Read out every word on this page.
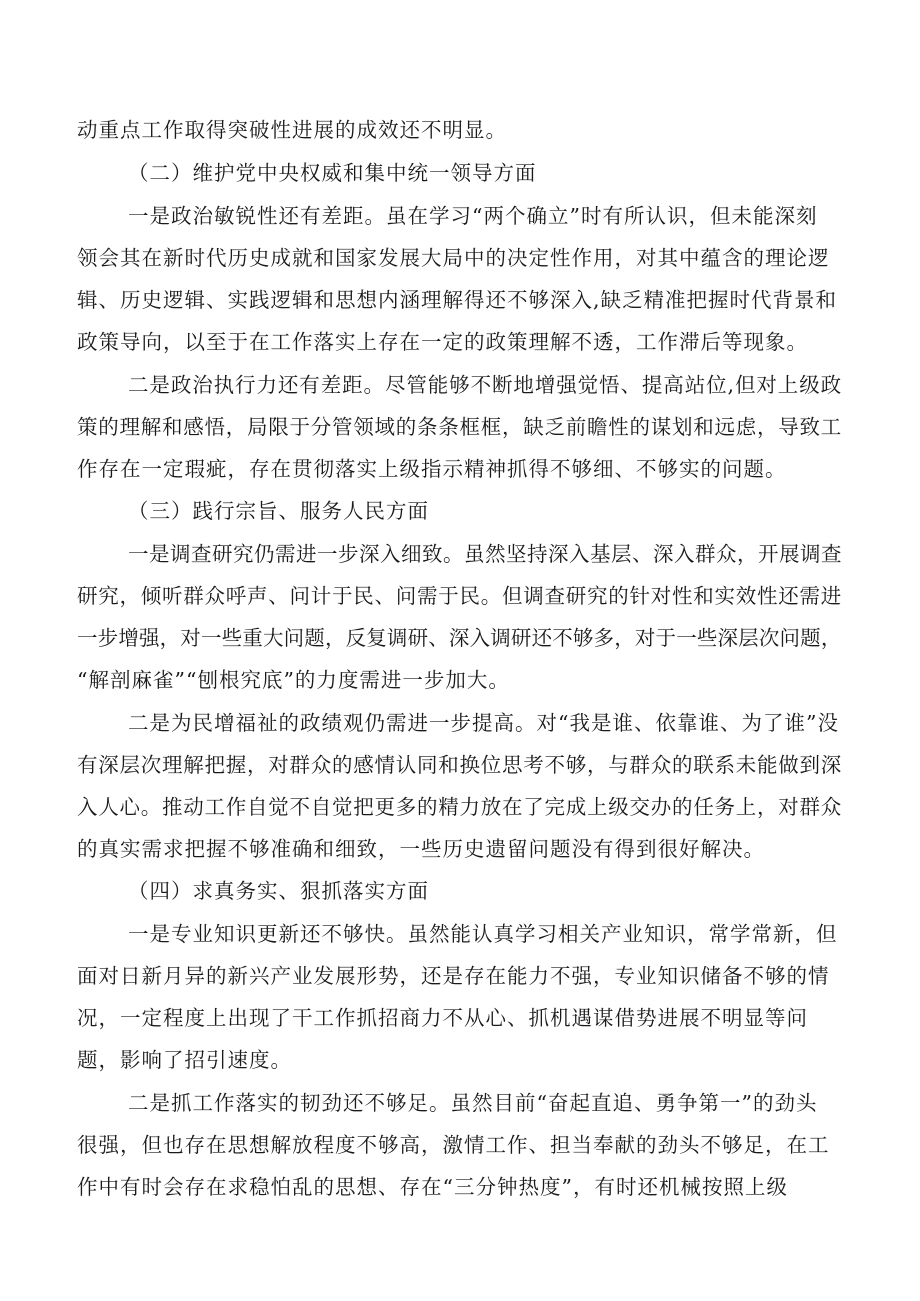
动重点工作取得突破性进展的成效还不明显。
（二）维护党中央权威和集中统一领导方面
一是政治敏锐性还有差距。虽在学习“两个确立”时有所认识，但未能深刻
领会其在新时代历史成就和国家发展大局中的决定性作用，对其中蕴含的理论逻
辑、历史逻辑、实践逻辑和思想内涵理解得还不够深入,缺乏精准把握时代背景和
政策导向，以至于在工作落实上存在一定的政策理解不透，工作滞后等现象。
二是政治执行力还有差距。尽管能够不断地增强觉悟、提高站位,但对上级政
策的理解和感悟，局限于分管领域的条条框框，缺乏前瞻性的谋划和远虑，导致工
作存在一定瑕疵，存在贯彻落实上级指示精神抓得不够细、不够实的问题。
（三）践行宗旨、服务人民方面
一是调查研究仍需进一步深入细致。虽然坚持深入基层、深入群众，开展调查
研究，倾听群众呼声、问计于民、问需于民。但调查研究的针对性和实效性还需进
一步增强，对一些重大问题，反复调研、深入调研还不够多，对于一些深层次问题，
“解剖麻雀”“刨根究底”的力度需进一步加大。
二是为民增福祉的政绩观仍需进一步提高。对“我是谁、依靠谁、为了谁”没
有深层次理解把握，对群众的感情认同和换位思考不够，与群众的联系未能做到深
入人心。推动工作自觉不自觉把更多的精力放在了完成上级交办的任务上，对群众
的真实需求把握不够准确和细致，一些历史遗留问题没有得到很好解决。
（四）求真务实、狠抓落实方面
一是专业知识更新还不够快。虽然能认真学习相关产业知识，常学常新，但
面对日新月异的新兴产业发展形势，还是存在能力不强，专业知识储备不够的情
况，一定程度上出现了干工作抓招商力不从心、抓机遇谋借势进展不明显等问
题，影响了招引速度。
二是抓工作落实的韧劲还不够足。虽然目前“奋起直追、勇争第一”的劲头
很强，但也存在思想解放程度不够高，激情工作、担当奉献的劲头不够足，在工
作中有时会存在求稳怕乱的思想、存在“三分钟热度”，有时还机械按照上级
